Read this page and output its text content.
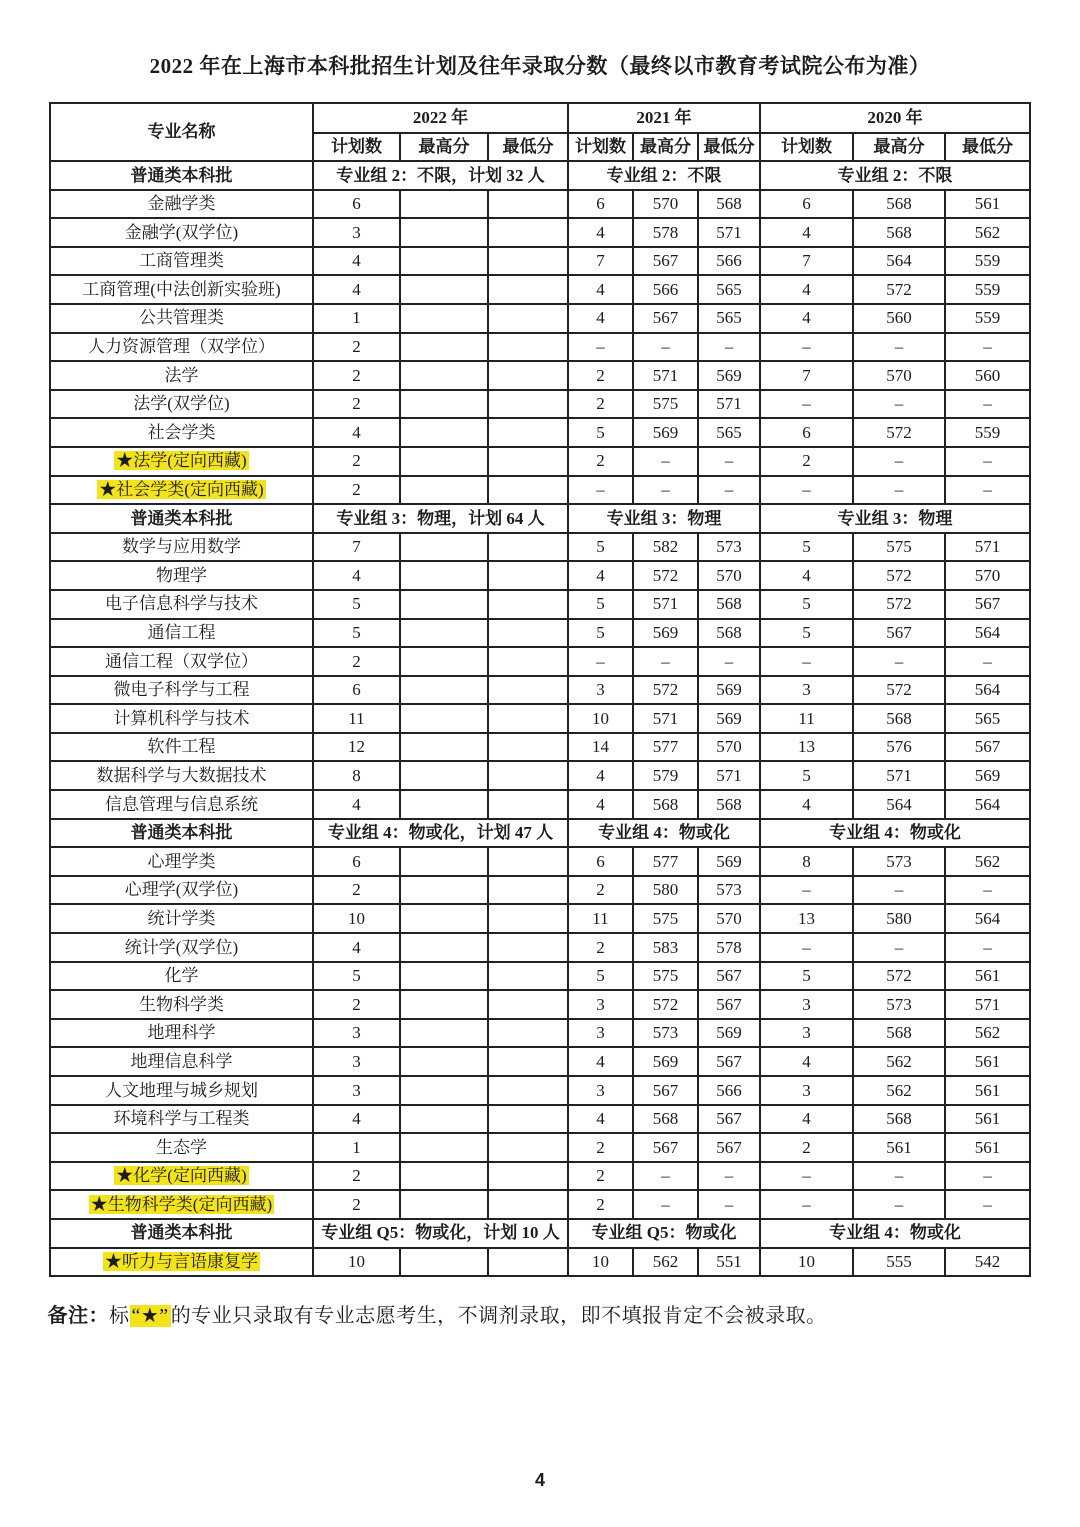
2022 年在上海市本科批招生计划及往年录取分数（最终以市教育考试院公布为准）
专业名称	2022 年			2021 年			2020 年		
	计划数	最高分	最低分	计划数	最高分	最低分	计划数	最高分	最低分
普通类本科批	专业组 2：不限，计划 32 人			专业组 2：不限			专业组 2：不限		
金融学类	6			6	570	568	6	568	561
金融学(双学位)	3			4	578	571	4	568	562
工商管理类	4			7	567	566	7	564	559
工商管理(中法创新实验班)	4			4	566	565	4	572	559
公共管理类	1			4	567	565	4	560	559
人力资源管理（双学位）	2			–	–	–	–	–	–
法学	2			2	571	569	7	570	560
法学(双学位)	2			2	575	571	–	–	–
社会学类	4			5	569	565	6	572	559
★法学(定向西藏)	2			2	–	–	2	–	–
★社会学类(定向西藏)	2			–	–	–	–	–	–
普通类本科批	专业组 3：物理，计划 64 人			专业组 3：物理			专业组 3：物理		
数学与应用数学	7			5	582	573	5	575	571
物理学	4			4	572	570	4	572	570
电子信息科学与技术	5			5	571	568	5	572	567
通信工程	5			5	569	568	5	567	564
通信工程（双学位）	2			–	–	–	–	–	–
微电子科学与工程	6			3	572	569	3	572	564
计算机科学与技术	11			10	571	569	11	568	565
软件工程	12			14	577	570	13	576	567
数据科学与大数据技术	8			4	579	571	5	571	569
信息管理与信息系统	4			4	568	568	4	564	564
普通类本科批	专业组 4：物或化，计划 47 人			专业组 4：物或化			专业组 4：物或化		
心理学类	6			6	577	569	8	573	562
心理学(双学位)	2			2	580	573	–	–	–
统计学类	10			11	575	570	13	580	564
统计学(双学位)	4			2	583	578	–	–	–
化学	5			5	575	567	5	572	561
生物科学类	2			3	572	567	3	573	571
地理科学	3			3	573	569	3	568	562
地理信息科学	3			4	569	567	4	562	561
人文地理与城乡规划	3			3	567	566	3	562	561
环境科学与工程类	4			4	568	567	4	568	561
生态学	1			2	567	567	2	561	561
★化学(定向西藏)	2			2	–	–	–	–	–
★生物科学类(定向西藏)	2			2	–	–	–	–	–
普通类本科批	专业组 Q5：物或化，计划 10 人			专业组 Q5：物或化			专业组 4：物或化		
★听力与言语康复学	10			10	562	551	10	555	542

备注：标 “★” 的专业只录取有专业志愿考生，不调剂录取，即不填报肯定不会被录取。

4
